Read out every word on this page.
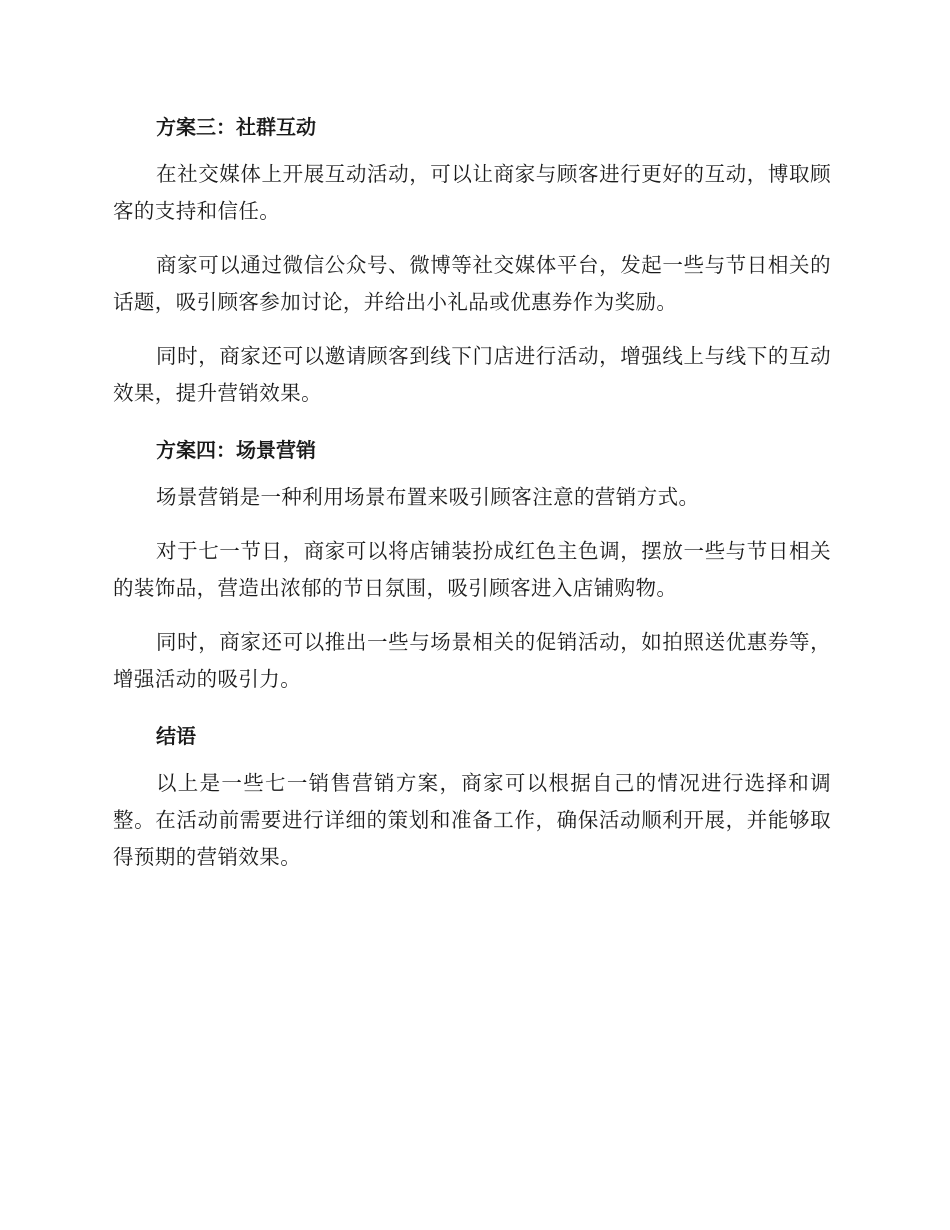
方案三：社群互动

在社交媒体上开展互动活动，可以让商家与顾客进行更好的互动，博取顾客的支持和信任。

商家可以通过微信公众号、微博等社交媒体平台，发起一些与节日相关的话题，吸引顾客参加讨论，并给出小礼品或优惠券作为奖励。

同时，商家还可以邀请顾客到线下门店进行活动，增强线上与线下的互动效果，提升营销效果。

方案四：场景营销

场景营销是一种利用场景布置来吸引顾客注意的营销方式。

对于七一节日，商家可以将店铺装扮成红色主色调，摆放一些与节日相关的装饰品，营造出浓郁的节日氛围，吸引顾客进入店铺购物。

同时，商家还可以推出一些与场景相关的促销活动，如拍照送优惠券等，增强活动的吸引力。

结语

以上是一些七一销售营销方案，商家可以根据自己的情况进行选择和调整。在活动前需要进行详细的策划和准备工作，确保活动顺利开展，并能够取得预期的营销效果。
